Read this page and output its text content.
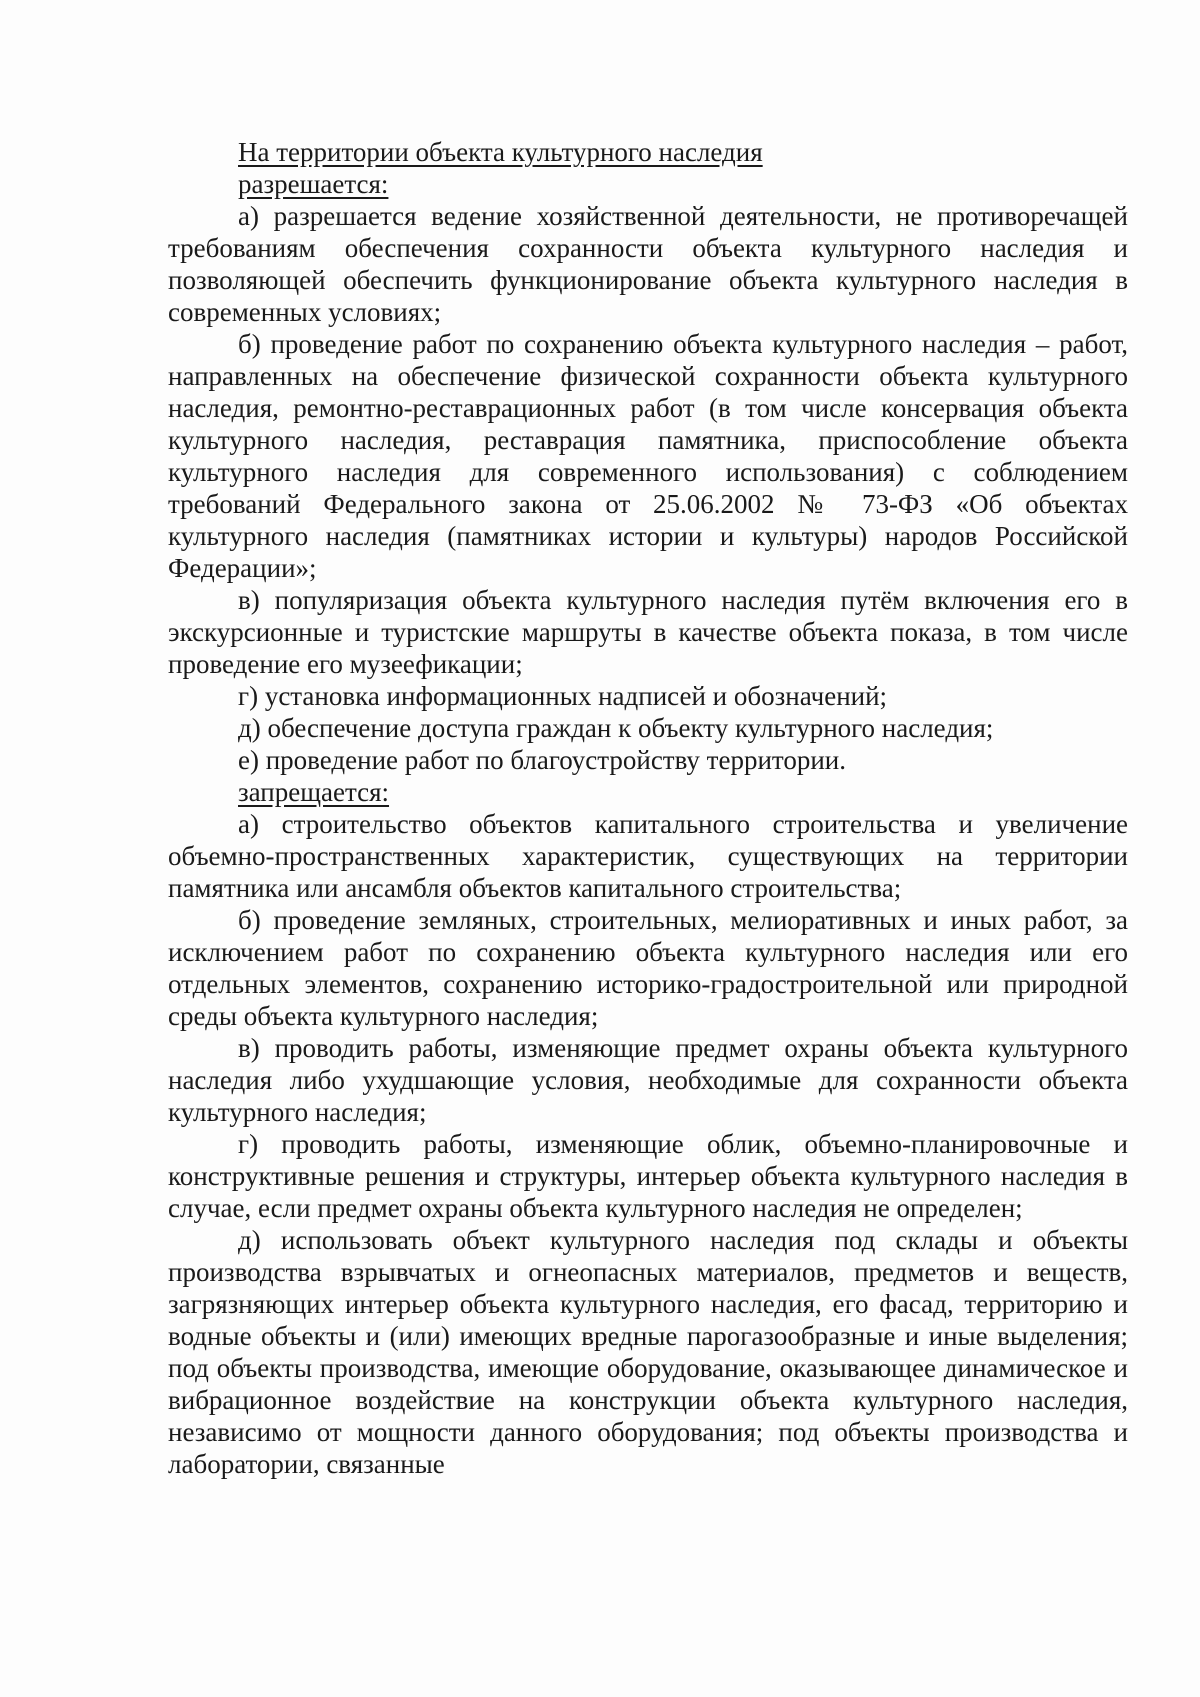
На территории объекта культурного наследия

разрешается:

а) разрешается ведение хозяйственной деятельности, не противоречащей требованиям обеспечения сохранности объекта культурного наследия и позволяющей обеспечить функционирование объекта культурного наследия в современных условиях;

б) проведение работ по сохранению объекта культурного наследия – работ, направленных на обеспечение физической сохранности объекта культурного наследия, ремонтно-реставрационных работ (в том числе консервация объекта культурного наследия, реставрация памятника, приспособление объекта культурного наследия для современного использования) с соблюдением требований Федерального закона от 25.06.2002 № 73-ФЗ «Об объектах культурного наследия (памятниках истории и культуры) народов Российской Федерации»;

в) популяризация объекта культурного наследия путём включения его в экскурсионные и туристские маршруты в качестве объекта показа, в том числе проведение его музеефикации;

г) установка информационных надписей и обозначений;

д) обеспечение доступа граждан к объекту культурного наследия;

е) проведение работ по благоустройству территории.

запрещается:

а) строительство объектов капитального строительства и увеличение объемно-пространственных характеристик, существующих на территории памятника или ансамбля объектов капитального строительства;

б) проведение земляных, строительных, мелиоративных и иных работ, за исключением работ по сохранению объекта культурного наследия или его отдельных элементов, сохранению историко-градостроительной или природной среды объекта культурного наследия;

в) проводить работы, изменяющие предмет охраны объекта культурного наследия либо ухудшающие условия, необходимые для сохранности объекта культурного наследия;

г) проводить работы, изменяющие облик, объемно-планировочные и конструктивные решения и структуры, интерьер объекта культурного наследия в случае, если предмет охраны объекта культурного наследия не определен;

д) использовать объект культурного наследия под склады и объекты производства взрывчатых и огнеопасных материалов, предметов и веществ, загрязняющих интерьер объекта культурного наследия, его фасад, территорию и водные объекты и (или) имеющих вредные парогазообразные и иные выделения; под объекты производства, имеющие оборудование, оказывающее динамическое и вибрационное воздействие на конструкции объекта культурного наследия, независимо от мощности данного оборудования; под объекты производства и лаборатории, связанные
